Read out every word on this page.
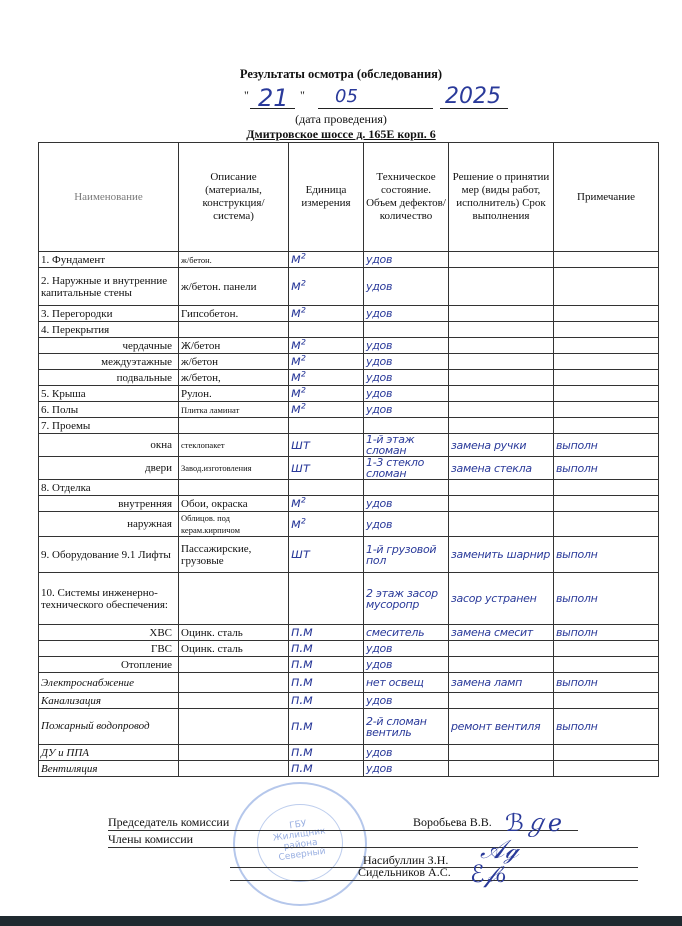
Результаты осмотра (обследования)
"	"
21	05	2025
(дата проведения)
Дмитровское шоссе д. 165Е корп. 6
Наименование	Описание (материалы, конструкция/ система)	Единица измерения	Техническое состояние. Объем дефектов/ количество	Решение о принятии мер (виды работ, исполнитель) Срок выполнения	Примечание
1. Фундамент	ж/бетон.	м²	удов		

2. Наружные и внутренние капитальные стены	ж/бетон. панели	м²	удов		

3. Перегородки	Гипсобетон.	м²	удов		

4. Перекрытия		

чердачные	Ж/бетон	м²	удов		

междуэтажные	ж/бетон	м²	удов		

подвальные	ж/бетон,	м²	удов		

5. Крыша	Рулон.	м²	удов		

6. Полы	Плитка ламинат	м²	удов		

7. Проемы		

окна	стеклопакет	шт	1-й этаж сломан	замена ручки	выполн

двери	Завод.изготовления	шт	1-3 стекло сломан	замена стекла	выполн

8. Отделка		

внутренняя	Обои, окраска	м²	удов		

наружная	Облицов. под керам.кирпичом	м²	удов		

9. Оборудование 9.1 Лифты	Пассажирские, грузовые	шт	1-й грузовой пол	заменить шарнир	выполн

10. Системы инженерно-технического обеспечения:			2 этаж засор мусоропр	засор устранен	выполн

ХВС	Оцинк. сталь	п.м	смеситель	замена смесит	выполн

ГВС	Оцинк. сталь	п.м	удов		

Отопление		п.м	удов		

Электроснабжение		п.м	нет освещ	замена ламп	выполн

Канализация		п.м	удов		

Пожарный водопровод		п.м	2-й сломан вентиль	ремонт вентиля	выполн

ДУ и ППА		п.м	удов		

Вентиляция		п.м	удов		

ГБУ Жилищник района Северный
Председатель комиссии	Воробьева В.В. ℬℊℯ
Члены комиссии
Насибуллин З.Н. 𝒜ℊ
Сидельников А.С. ℰ𝒻ℴ
